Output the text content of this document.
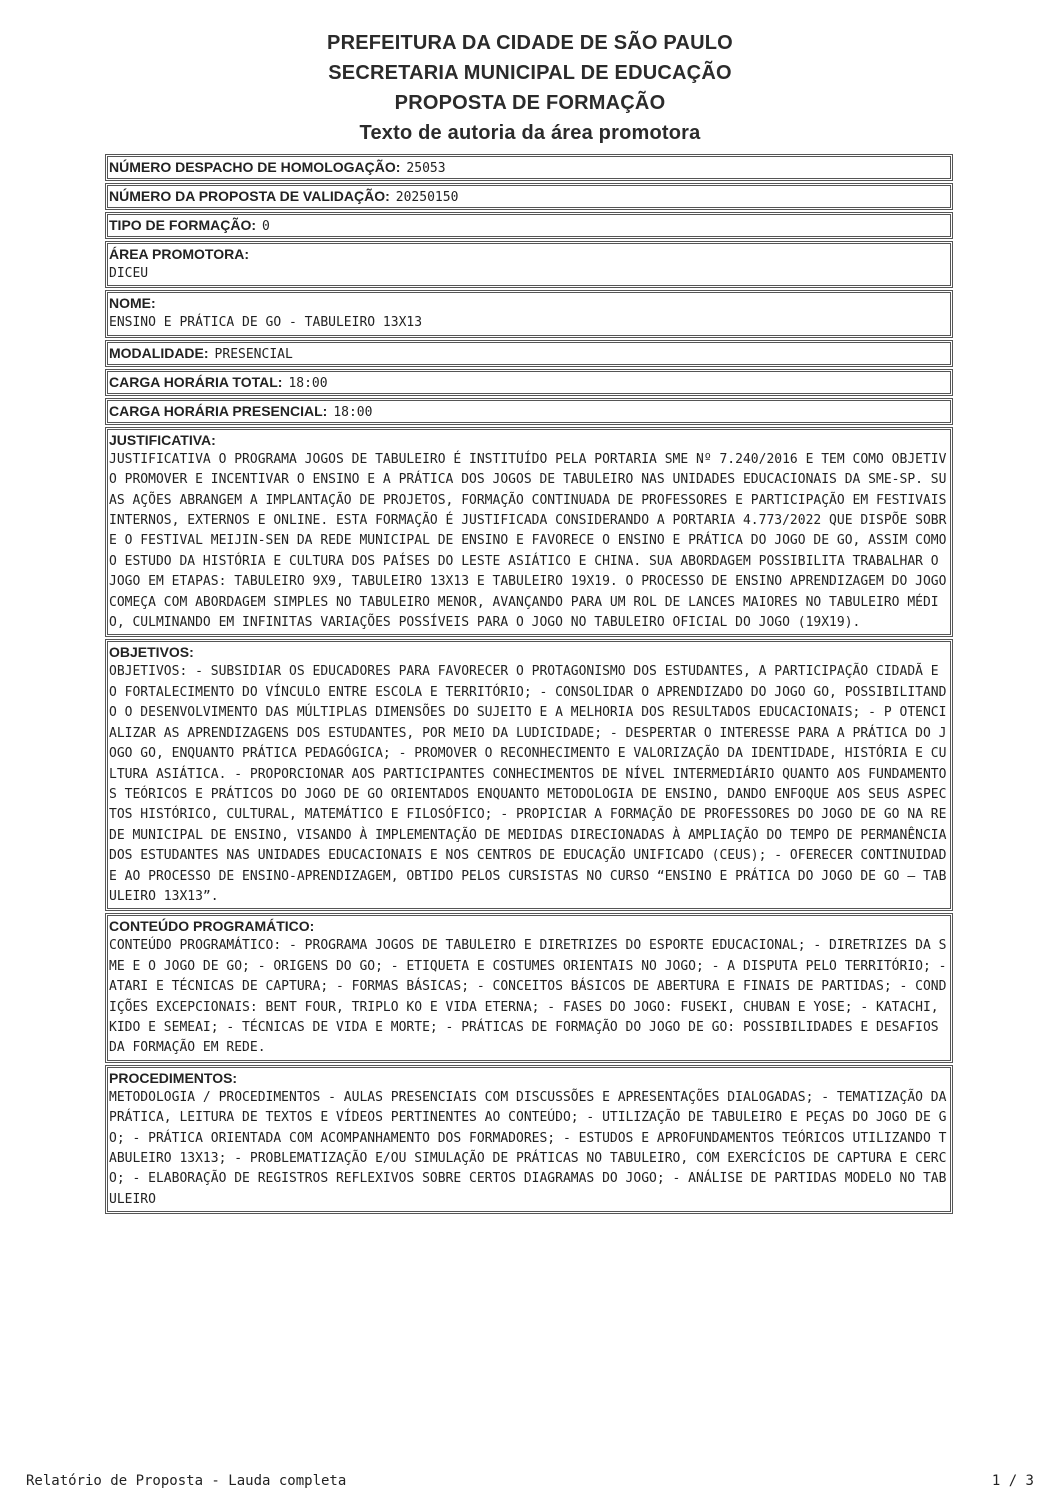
PREFEITURA DA CIDADE DE SÃO PAULO
SECRETARIA MUNICIPAL DE EDUCAÇÃO
PROPOSTA DE FORMAÇÃO
Texto de autoria da área promotora
NÚMERO DESPACHO DE HOMOLOGAÇÃO: 25053
NÚMERO DA PROPOSTA DE VALIDAÇÃO: 20250150
TIPO DE FORMAÇÃO: 0
ÁREA PROMOTORA:
DICEU
NOME:
ENSINO E PRÁTICA DE GO - TABULEIRO 13X13
MODALIDADE: PRESENCIAL
CARGA HORÁRIA TOTAL: 18:00
CARGA HORÁRIA PRESENCIAL: 18:00
JUSTIFICATIVA:
JUSTIFICATIVA O PROGRAMA JOGOS DE TABULEIRO É INSTITUÍDO PELA PORTARIA SME Nº 7.240/2016 E TEM COMO OBJETIVO PROMOVER E INCENTIVAR O ENSINO E A PRÁTICA DOS JOGOS DE TABULEIRO NAS UNIDADES EDUCACIONAIS DA SME-SP. SUAS AÇÕES ABRANGEM A IMPLANTAÇÃO DE PROJETOS, FORMAÇÃO CONTINUADA DE PROFESSORES E PARTICIPAÇÃO EM FESTIVAIS INTERNOS, EXTERNOS E ONLINE. ESTA FORMAÇÃO É JUSTIFICADA CONSIDERANDO A PORTARIA 4.773/2022 QUE DISPÕE SOBRE O FESTIVAL MEIJIN-SEN DA REDE MUNICIPAL DE ENSINO E FAVORECE O ENSINO E PRÁTICA DO JOGO DE GO, ASSIM COMO O ESTUDO DA HISTÓRIA E CULTURA DOS PAÍSES DO LESTE ASIÁTICO E CHINA. SUA ABORDAGEM POSSIBILITA TRABALHAR O JOGO EM ETAPAS: TABULEIRO 9X9, TABULEIRO 13X13 E TABULEIRO 19X19. O PROCESSO DE ENSINO APRENDIZAGEM DO JOGO COMEÇA COM ABORDAGEM SIMPLES NO TABULEIRO MENOR, AVANÇANDO PARA UM ROL DE LANCES MAIORES NO TABULEIRO MÉDIO, CULMINANDO EM INFINITAS VARIAÇÕES POSSÍVEIS PARA O JOGO NO TABULEIRO OFICIAL DO JOGO (19X19).
OBJETIVOS:
OBJETIVOS: - SUBSIDIAR OS EDUCADORES PARA FAVORECER O PROTAGONISMO DOS ESTUDANTES, A PARTICIPAÇÃO CIDADÃ E O FORTALECIMENTO DO VÍNCULO ENTRE ESCOLA E TERRITÓRIO; - CONSOLIDAR O APRENDIZADO DO JOGO GO, POSSIBILITANDO O DESENVOLVIMENTO DAS MÚLTIPLAS DIMENSÕES DO SUJEITO E A MELHORIA DOS RESULTADOS EDUCACIONAIS; - P OTENCIALIZAR AS APRENDIZAGENS DOS ESTUDANTES, POR MEIO DA LUDICIDADE; - DESPERTAR O INTERESSE PARA A PRÁTICA DO JOGO GO, ENQUANTO PRÁTICA PEDAGÓGICA; - PROMOVER O RECONHECIMENTO E VALORIZAÇÃO DA IDENTIDADE, HISTÓRIA E CULTURA ASIÁTICA. - PROPORCIONAR AOS PARTICIPANTES CONHECIMENTOS DE NÍVEL INTERMEDIÁRIO QUANTO AOS FUNDAMENTOS TEÓRICOS E PRÁTICOS DO JOGO DE GO ORIENTADOS ENQUANTO METODOLOGIA DE ENSINO, DANDO ENFOQUE AOS SEUS ASPECTOS HISTÓRICO, CULTURAL, MATEMÁTICO E FILOSÓFICO; - PROPICIAR A FORMAÇÃO DE PROFESSORES DO JOGO DE GO NA REDE MUNICIPAL DE ENSINO, VISANDO À IMPLEMENTAÇÃO DE MEDIDAS DIRECIONADAS À AMPLIAÇÃO DO TEMPO DE PERMANÊNCIA DOS ESTUDANTES NAS UNIDADES EDUCACIONAIS E NOS CENTROS DE EDUCAÇÃO UNIFICADO (CEUS); - OFERECER CONTINUIDADE AO PROCESSO DE ENSINO-APRENDIZAGEM, OBTIDO PELOS CURSISTAS NO CURSO “ENSINO E PRÁTICA DO JOGO DE GO — TABULEIRO 13X13”.
CONTEÚDO PROGRAMÁTICO:
CONTEÚDO PROGRAMÁTICO: - PROGRAMA JOGOS DE TABULEIRO E DIRETRIZES DO ESPORTE EDUCACIONAL; - DIRETRIZES DA SME E O JOGO DE GO; - ORIGENS DO GO; - ETIQUETA E COSTUMES ORIENTAIS NO JOGO; - A DISPUTA PELO TERRITÓRIO; - ATARI E TÉCNICAS DE CAPTURA; - FORMAS BÁSICAS; - CONCEITOS BÁSICOS DE ABERTURA E FINAIS DE PARTIDAS; - CONDIÇÕES EXCEPCIONAIS: BENT FOUR, TRIPLO KO E VIDA ETERNA; - FASES DO JOGO: FUSEKI, CHUBAN E YOSE; - KATACHI, KIDO E SEMEAI; - TÉCNICAS DE VIDA E MORTE; - PRÁTICAS DE FORMAÇÃO DO JOGO DE GO: POSSIBILIDADES E DESAFIOS DA FORMAÇÃO EM REDE.
PROCEDIMENTOS:
METODOLOGIA / PROCEDIMENTOS - AULAS PRESENCIAIS COM DISCUSSÕES E APRESENTAÇÕES DIALOGADAS; - TEMATIZAÇÃO DA PRÁTICA, LEITURA DE TEXTOS E VÍDEOS PERTINENTES AO CONTEÚDO; - UTILIZAÇÃO DE TABULEIRO E PEÇAS DO JOGO DE GO; - PRÁTICA ORIENTADA COM ACOMPANHAMENTO DOS FORMADORES; - ESTUDOS E APROFUNDAMENTOS TEÓRICOS UTILIZANDO TABULEIRO 13X13; - PROBLEMATIZAÇÃO E/OU SIMULAÇÃO DE PRÁTICAS NO TABULEIRO, COM EXERCÍCIOS DE CAPTURA E CERCO; - ELABORAÇÃO DE REGISTROS REFLEXIVOS SOBRE CERTOS DIAGRAMAS DO JOGO; - ANÁLISE DE PARTIDAS MODELO NO TABULEIRO
Relatório de Proposta - Lauda completa	1 / 3
